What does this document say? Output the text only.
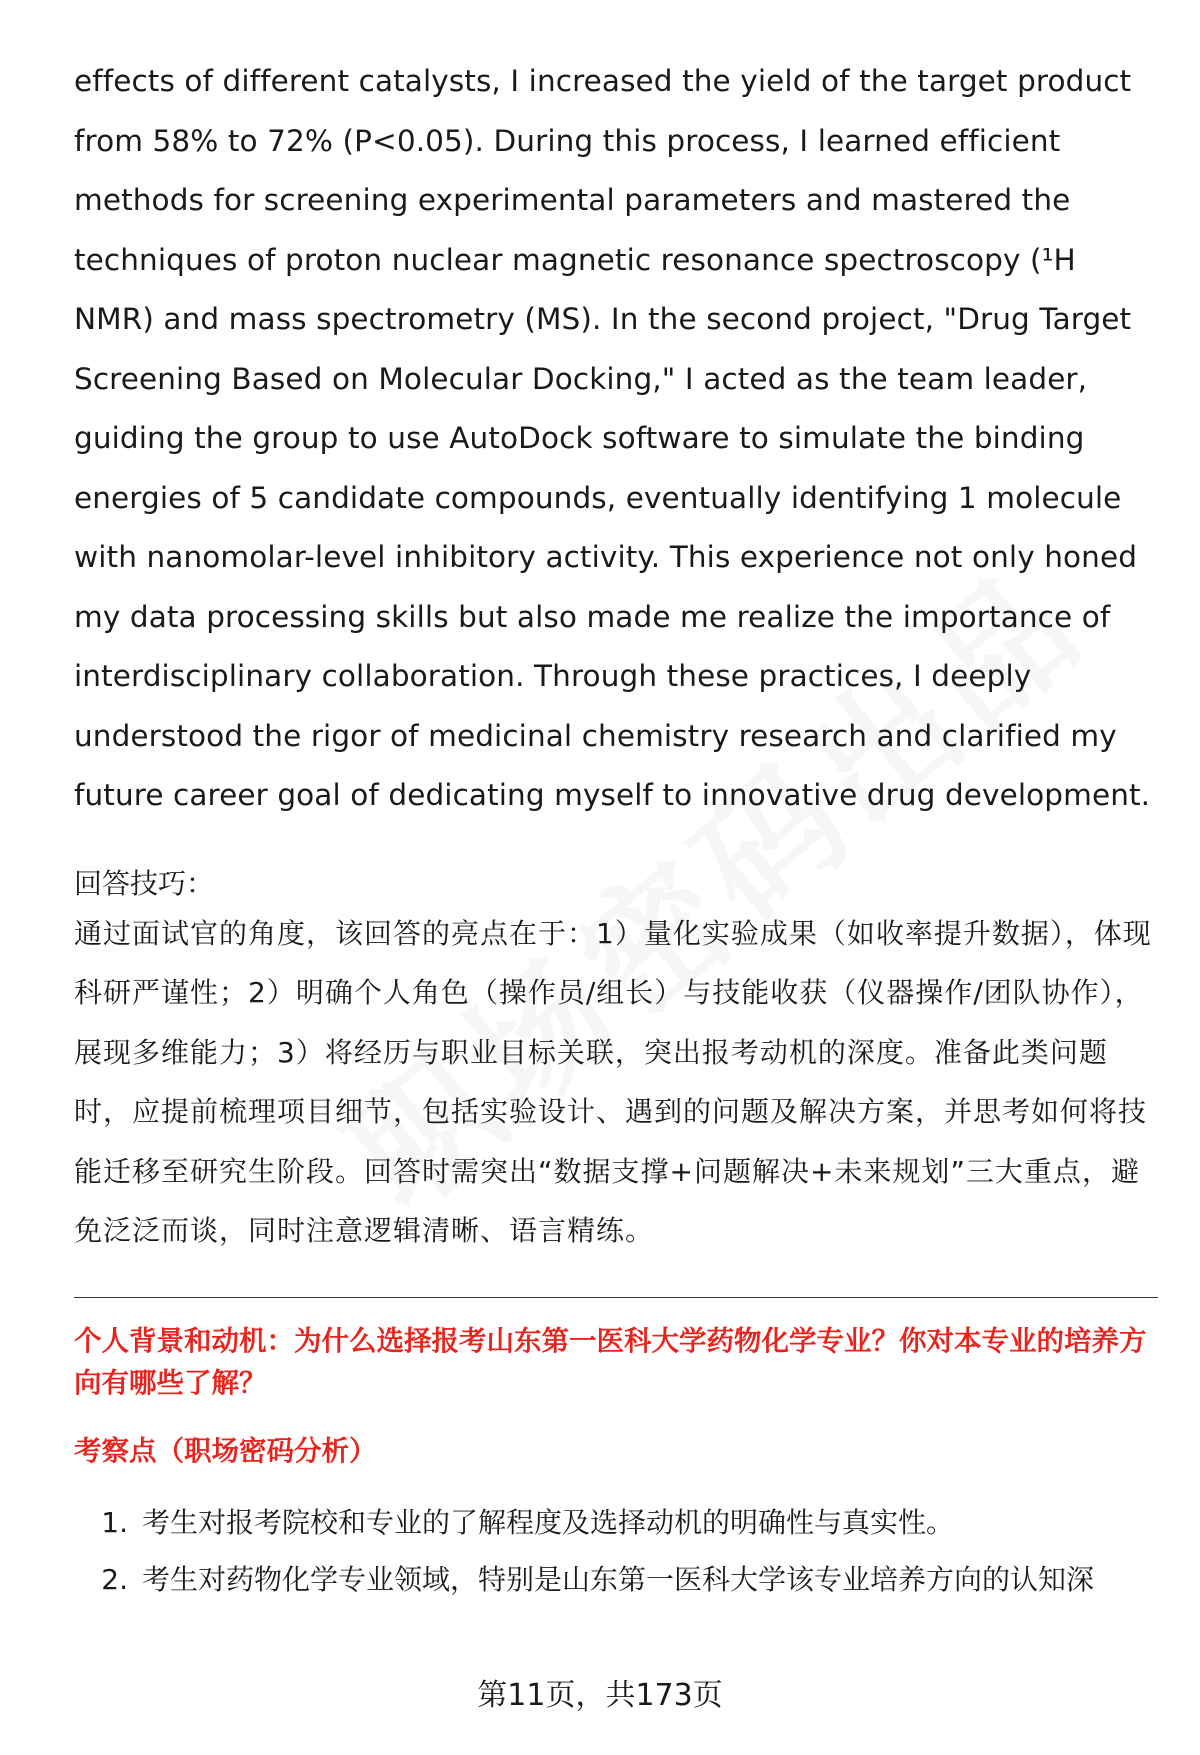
effects of different catalysts, I increased the yield of the target product from 58% to 72% (P<0.05). During this process, I learned efficient methods for screening experimental parameters and mastered the techniques of proton nuclear magnetic resonance spectroscopy (¹H NMR) and mass spectrometry (MS). In the second project, "Drug Target Screening Based on Molecular Docking," I acted as the team leader, guiding the group to use AutoDock software to simulate the binding energies of 5 candidate compounds, eventually identifying 1 molecule with nanomolar-level inhibitory activity. This experience not only honed my data processing skills but also made me realize the importance of interdisciplinary collaboration. Through these practices, I deeply understood the rigor of medicinal chemistry research and clarified my future career goal of dedicating myself to innovative drug development.

回答技巧：

通过面试官的角度，该回答的亮点在于：1）量化实验成果（如收率提升数据），体现科研严谨性；2）明确个人角色（操作员/组长）与技能收获（仪器操作/团队协作），展现多维能力；3）将经历与职业目标关联，突出报考动机的深度。准备此类问题时，应提前梳理项目细节，包括实验设计、遇到的问题及解决方案，并思考如何将技能迁移至研究生阶段。回答时需突出“数据支撑+问题解决+未来规划”三大重点，避免泛泛而谈，同时注意逻辑清晰、语言精练。

个人背景和动机：为什么选择报考山东第一医科大学药物化学专业？你对本专业的培养方向有哪些了解？
考察点（职场密码分析）
1. 考生对报考院校和专业的了解程度及选择动机的明确性与真实性。
2. 考生对药物化学专业领域，特别是山东第一医科大学该专业培养方向的认知深
第11页，共173页
